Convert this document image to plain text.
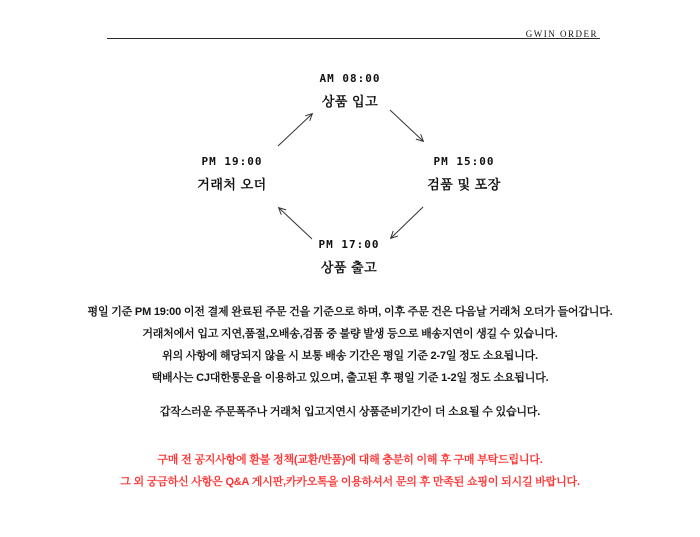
GWIN ORDER
AM 08:00
상품 입고
PM 15:00
검품 및 포장
PM 17:00
상품 출고
PM 19:00
거래처 오더

평일 기준 PM 19:00 이전 결제 완료된 주문 건을 기준으로 하며, 이후 주문 건은 다음날 거래처 오더가 들어갑니다.

거래처에서 입고 지연,품절,오배송,검품 중 불량 발생 등으로 배송지연이 생길 수 있습니다.

위의 사항에 해당되지 않을 시 보통 배송 기간은 평일 기준 2-7일 정도 소요됩니다.

택배사는 CJ대한통운을 이용하고 있으며, 출고된 후 평일 기준 1-2일 정도 소요됩니다.

갑작스러운 주문폭주나 거래처 입고지연시 상품준비기간이 더 소요될 수 있습니다.

구매 전 공지사항에 환불 정책(교환/반품)에 대해 충분히 이해 후 구매 부탁드립니다.

그 외 궁금하신 사항은 Q&A 게시판,카카오톡을 이용하셔서 문의 후 만족된 쇼핑이 되시길 바랍니다.
